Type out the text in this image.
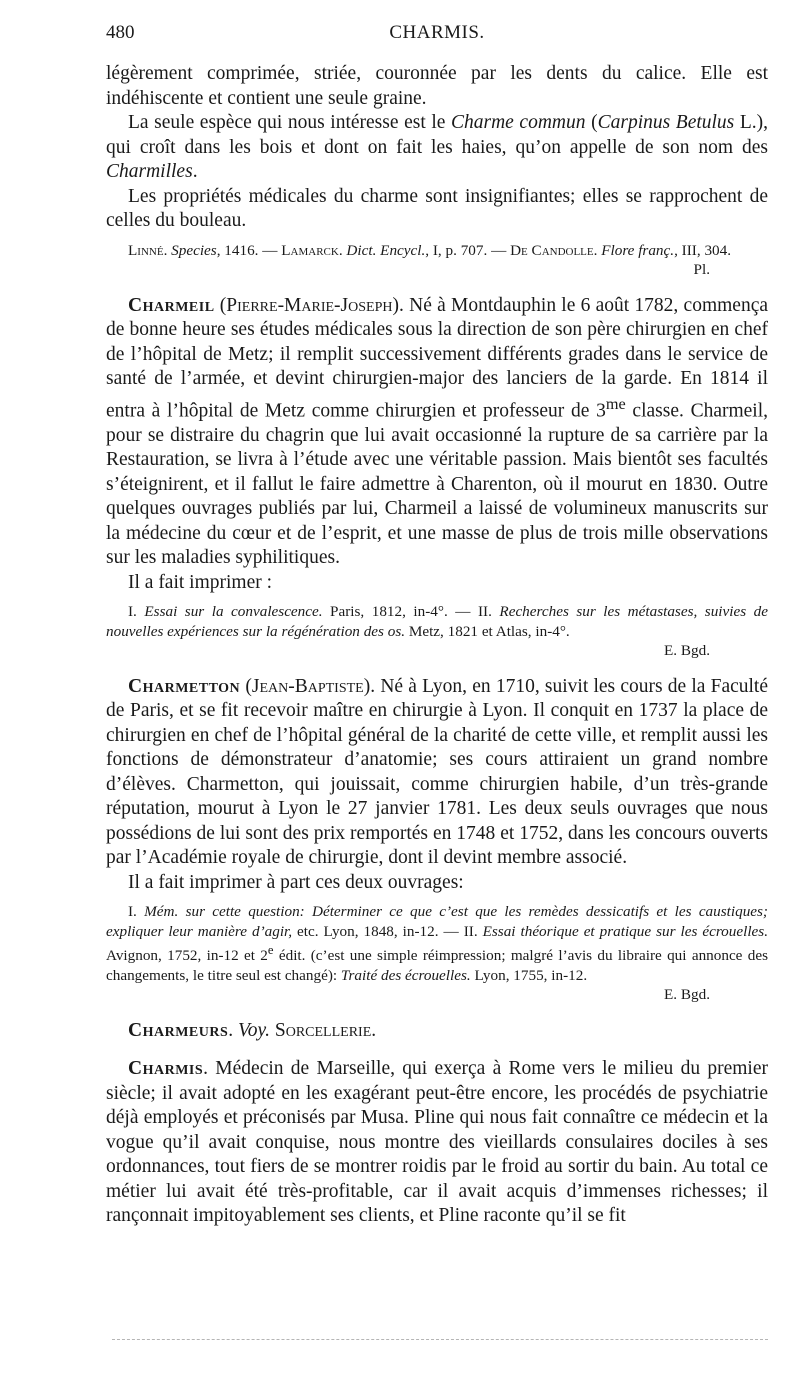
480	CHARMIS.

légèrement comprimée, striée, couronnée par les dents du calice. Elle est indéhiscente et contient une seule graine.

La seule espèce qui nous intéresse est le Charme commun (Carpinus Betulus L.), qui croît dans les bois et dont on fait les haies, qu’on appelle de son nom des Charmilles.

Les propriétés médicales du charme sont insignifiantes; elles se rapprochent de celles du bouleau.

Linné. Species, 1416. — Lamarck. Dict. Encycl., I, p. 707. — De Candolle. Flore franç., III, 304.

Pl.

Charmeil (Pierre-Marie-Joseph). Né à Montdauphin le 6 août 1782, commença de bonne heure ses études médicales sous la direction de son père chirurgien en chef de l’hôpital de Metz; il remplit successivement différents grades dans le service de santé de l’armée, et devint chirurgien-major des lanciers de la garde. En 1814 il entra à l’hôpital de Metz comme chirurgien et professeur de $3^{me}$ classe. Charmeil, pour se distraire du chagrin que lui avait occasionné la rupture de sa carrière par la Restauration, se livra à l’étude avec une véritable passion. Mais bientôt ses facultés s’éteignirent, et il fallut le faire admettre à Charenton, où il mourut en 1830. Outre quelques ouvrages publiés par lui, Charmeil a laissé de volumineux manuscrits sur la médecine du cœur et de l’esprit, et une masse de plus de trois mille observations sur les maladies syphilitiques.

Il a fait imprimer :

I. Essai sur la convalescence. Paris, 1812, in-4°. — II. Recherches sur les métastases, suivies de nouvelles expériences sur la régénération des os. Metz, 1821 et Atlas, in-4°.

E. Bgd.

Charmetton (Jean-Baptiste). Né à Lyon, en 1710, suivit les cours de la Faculté de Paris, et se fit recevoir maître en chirurgie à Lyon. Il conquit en 1737 la place de chirurgien en chef de l’hôpital général de la charité de cette ville, et remplit aussi les fonctions de démonstrateur d’anatomie; ses cours attiraient un grand nombre d’élèves. Charmetton, qui jouissait, comme chirurgien habile, d’un très-grande réputation, mourut à Lyon le 27 janvier 1781. Les deux seuls ouvrages que nous possédions de lui sont des prix remportés en 1748 et 1752, dans les concours ouverts par l’Académie royale de chirurgie, dont il devint membre associé.

Il a fait imprimer à part ces deux ouvrages:

I. Mém. sur cette question: Déterminer ce que c’est que les remèdes dessicatifs et les caustiques; expliquer leur manière d’agir, etc. Lyon, 1848, in-12. — II. Essai théorique et pratique sur les écrouelles. Avignon, 1752, in-12 et 2e édit. (c’est une simple réimpression; malgré l’avis du libraire qui annonce des changements, le titre seul est changé): Traité des écrouelles. Lyon, 1755, in-12.

E. Bgd.

Charmeurs. Voy. Sorcellerie.

Charmis. Médecin de Marseille, qui exerça à Rome vers le milieu du premier siècle; il avait adopté en les exagérant peut-être encore, les procédés de psychiatrie déjà employés et préconisés par Musa. Pline qui nous fait connaître ce médecin et la vogue qu’il avait conquise, nous montre des vieillards consulaires dociles à ses ordonnances, tout fiers de se montrer roidis par le froid au sortir du bain. Au total ce métier lui avait été très-profitable, car il avait acquis d’immenses richesses; il rançonnait impitoyablement ses clients, et Pline raconte qu’il se fit
